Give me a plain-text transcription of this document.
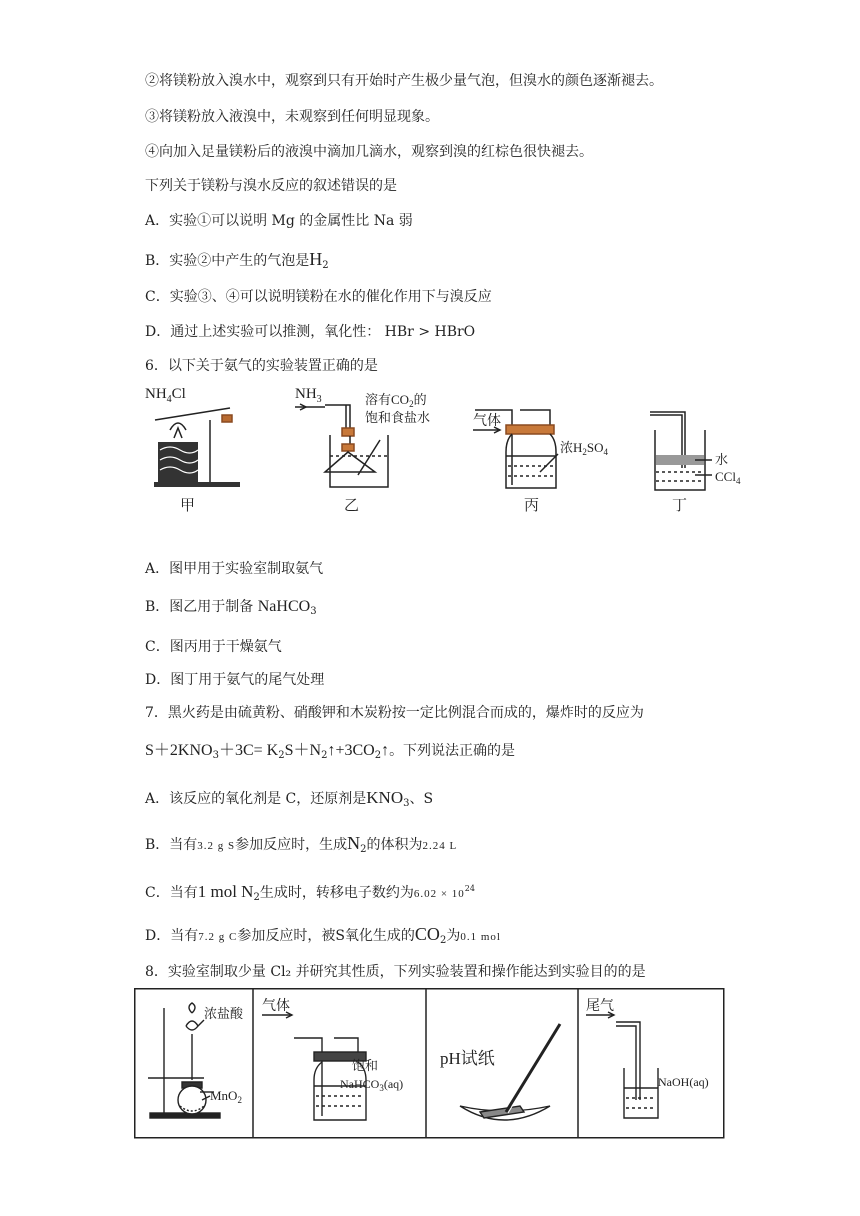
②将镁粉放入溴水中，观察到只有开始时产生极少量气泡，但溴水的颜色逐渐褪去。
③将镁粉放入液溴中，未观察到任何明显现象。
④向加入足量镁粉后的液溴中滴加几滴水，观察到溴的红棕色很快褪去。
下列关于镁粉与溴水反应的叙述错误的是
A．实验①可以说明 Mg 的金属性比 Na 弱
B．实验②中产生的气泡是$H_2$
C．实验③、④可以说明镁粉在水的催化作用下与溴反应
D．通过上述实验可以推测，氧化性： HBr > HBrO
6．以下关于氨气的实验装置正确的是
$NH_4Cl$
甲
$NH_3$	溶有$CO_2$的
饱和食盐水
乙
气体
浓$H_2SO_4$
丙
水
CCl$_4$
丁
A．图甲用于实验室制取氨气
B．图乙用于制备 NaHCO$_3$
C．图丙用于干燥氨气
D．图丁用于氨气的尾气处理
7．黑火药是由硫黄粉、硝酸钾和木炭粉按一定比例混合而成的，爆炸时的反应为
$S+2KNO_3+3C=$ $K_2S+N_2↑+3CO_2↑$。下列说法正确的是
A．该反应的氧化剂是 C，还原剂是$KNO_3$、S
B．当有3.2 g S参加反应时，生成$N_2$的体积为2.24 L
C．当有1 mol $N_2$生成时，转移电子数约为$6.02 \times 10^{24}$
D．当有7.2 g C参加反应时，被S氧化生成的$CO_2$为0.1 mol
8．实验室制取少量 Cl₂ 并研究其性质，下列实验装置和操作能达到实验目的的是
浓盐酸
MnO$_2$
气体
饱和
NaHCO$_3$(aq)
pH试纸
尾气
NaOH(aq)
